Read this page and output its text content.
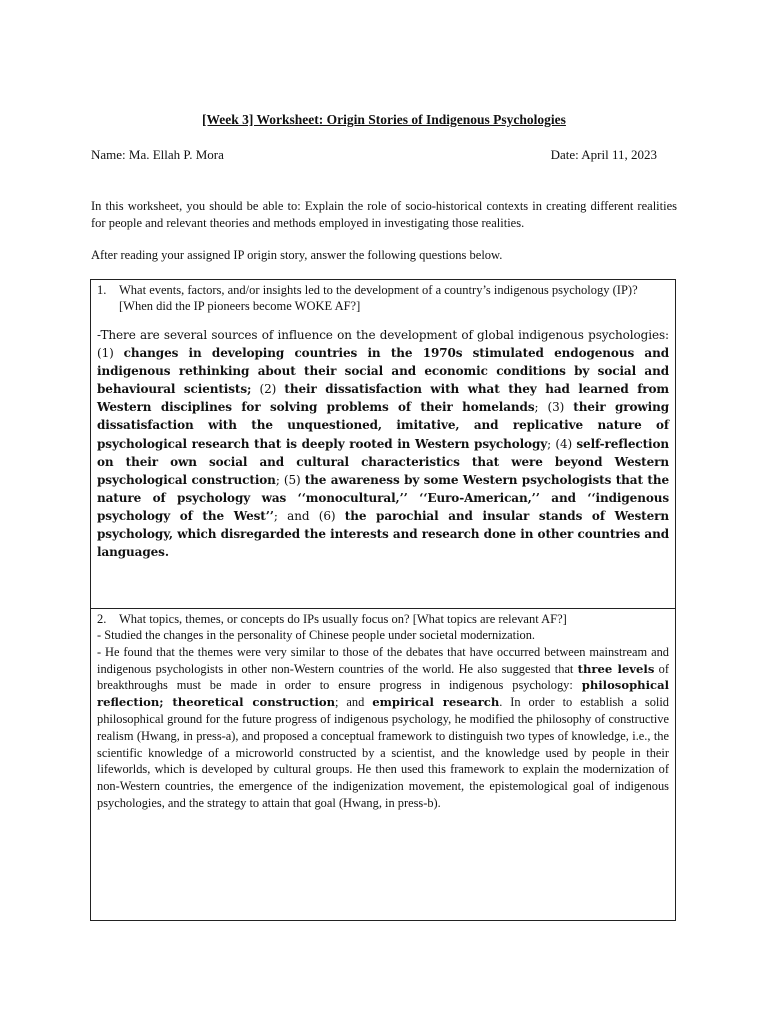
[Week 3] Worksheet: Origin Stories of Indigenous Psychologies
Name: Ma. Ellah P. Mora	Date: April 11, 2023
In this worksheet, you should be able to: Explain the role of socio-historical contexts in creating different realities for people and relevant theories and methods employed in investigating those realities.
After reading your assigned IP origin story, answer the following questions below.

1. What events, factors, and/or insights led to the development of a country’s indigenous psychology (IP)? [When did the IP pioneers become WOKE AF?]

-There are several sources of influence on the development of global indigenous psychologies: (1) changes in developing countries in the 1970s stimulated endogenous and indigenous rethinking about their social and economic conditions by social and behavioural scientists; (2) their dissatisfaction with what they had learned from Western disciplines for solving problems of their homelands; (3) their growing dissatisfaction with the unquestioned, imitative, and replicative nature of psychological research that is deeply rooted in Western psychology; (4) self-reflection on their own social and cultural characteristics that were beyond Western psychological construction; (5) the awareness by some Western psychologists that the nature of psychology was ‘‘monocultural,’’ ‘‘Euro-American,’’ and ‘‘indigenous psychology of the West’’; and (6) the parochial and insular stands of Western psychology, which disregarded the interests and research done in other countries and languages.

2. What topics, themes, or concepts do IPs usually focus on? [What topics are relevant AF?]

- Studied the changes in the personality of Chinese people under societal modernization.
- He found that the themes were very similar to those of the debates that have occurred between mainstream and indigenous psychologists in other non-Western countries of the world. He also suggested that three levels of breakthroughs must be made in order to ensure progress in indigenous psychology: philosophical reflection; theoretical construction; and empirical research. In order to establish a solid philosophical ground for the future progress of indigenous psychology, he modified the philosophy of constructive realism (Hwang, in press-a), and proposed a conceptual framework to distinguish two types of knowledge, i.e., the scientific knowledge of a microworld constructed by a scientist, and the knowledge used by people in their lifeworlds, which is developed by cultural groups. He then used this framework to explain the modernization of non-Western countries, the emergence of the indigenization movement, the epistemological goal of indigenous psychologies, and the strategy to attain that goal (Hwang, in press-b).
